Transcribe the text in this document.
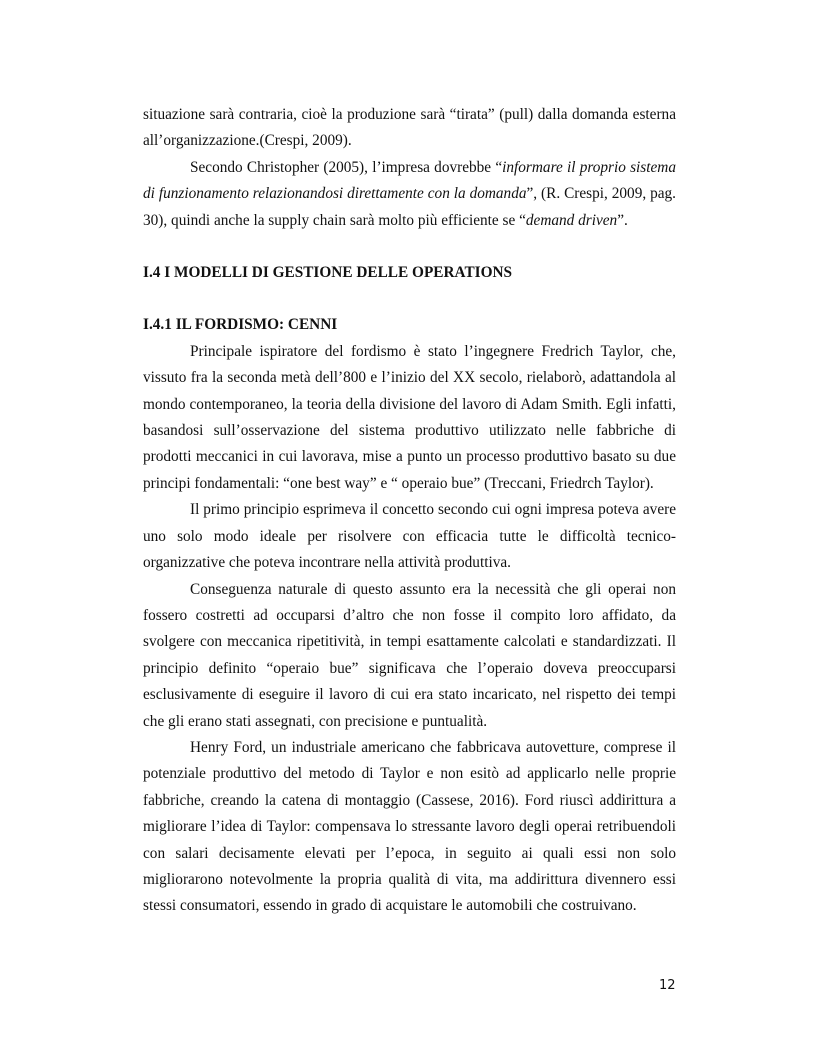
situazione sarà contraria, cioè la produzione sarà “tirata” (pull) dalla domanda esterna all’organizzazione.(Crespi, 2009).

Secondo Christopher (2005), l’impresa dovrebbe “informare il proprio sistema di funzionamento relazionandosi direttamente con la domanda”, (R. Crespi, 2009, pag. 30), quindi anche la supply chain sarà molto più efficiente se “demand driven”.

I.4 I MODELLI DI GESTIONE DELLE OPERATIONS
I.4.1 IL FORDISMO: CENNI

Principale ispiratore del fordismo è stato l’ingegnere Fredrich Taylor, che, vissuto fra la seconda metà dell’800 e l’inizio del XX secolo, rielaborò, adattandola al mondo contemporaneo, la teoria della divisione del lavoro di Adam Smith. Egli infatti, basandosi sull’osservazione del sistema produttivo utilizzato nelle fabbriche di prodotti meccanici in cui lavorava, mise a punto un processo produttivo basato su due principi fondamentali: “one best way” e “ operaio bue” (Treccani, Friedrch Taylor).

Il primo principio esprimeva il concetto secondo cui ogni impresa poteva avere uno solo modo ideale per risolvere con efficacia tutte le difficoltà tecnico-organizzative che poteva incontrare nella attività produttiva.

Conseguenza naturale di questo assunto era la necessità che gli operai non fossero costretti ad occuparsi d’altro che non fosse il compito loro affidato, da svolgere con meccanica ripetitività, in tempi esattamente calcolati e standardizzati. Il principio definito “operaio bue” significava che l’operaio doveva preoccuparsi esclusivamente di eseguire il lavoro di cui era stato incaricato, nel rispetto dei tempi che gli erano stati assegnati, con precisione e puntualità.

Henry Ford, un industriale americano che fabbricava autovetture, comprese il potenziale produttivo del metodo di Taylor e non esitò ad applicarlo nelle proprie fabbriche, creando la catena di montaggio (Cassese, 2016). Ford riuscì addirittura a migliorare l’idea di Taylor: compensava lo stressante lavoro degli operai retribuendoli con salari decisamente elevati per l’epoca, in seguito ai quali essi non solo migliorarono notevolmente la propria qualità di vita, ma addirittura divennero essi stessi consumatori, essendo in grado di acquistare le automobili che costruivano.

12
